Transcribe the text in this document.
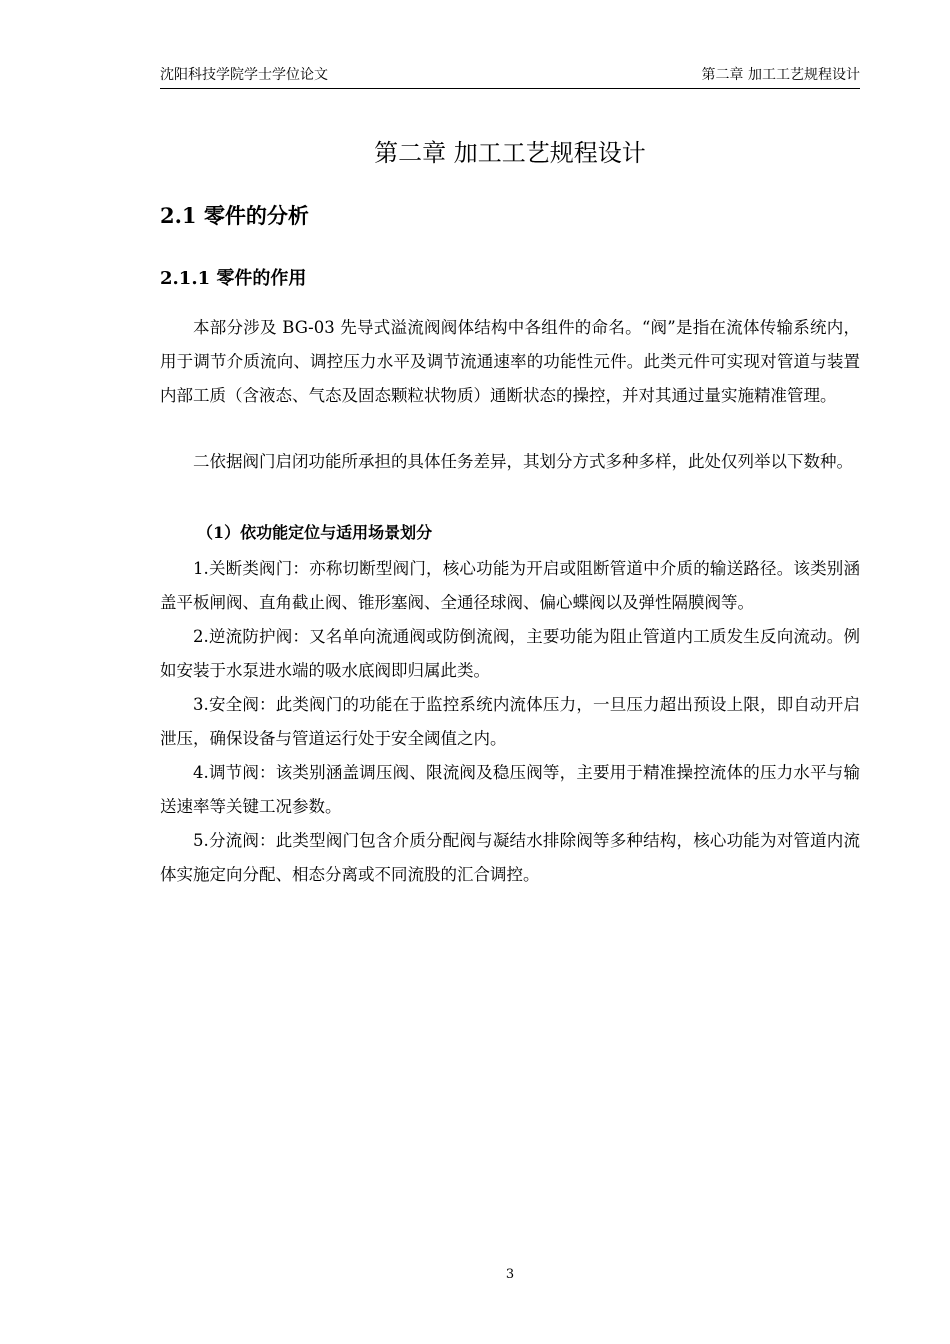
沈阳科技学院学士学位论文	第二章 加工工艺规程设计
第二章 加工工艺规程设计
2.1 零件的分析
2.1.1 零件的作用

本部分涉及 BG-03 先导式溢流阀阀体结构中各组件的命名。“阀”是指在流体传输系统内，用于调节介质流向、调控压力水平及调节流通速率的功能性元件。此类元件可实现对管道与装置内部工质（含液态、气态及固态颗粒状物质）通断状态的操控，并对其通过量实施精准管理。

二依据阀门启闭功能所承担的具体任务差异，其划分方式多种多样，此处仅列举以下数种。

（1）依功能定位与适用场景划分

1.关断类阀门：亦称切断型阀门，核心功能为开启或阻断管道中介质的输送路径。该类别涵盖平板闸阀、直角截止阀、锥形塞阀、全通径球阀、偏心蝶阀以及弹性隔膜阀等。

2.逆流防护阀：又名单向流通阀或防倒流阀，主要功能为阻止管道内工质发生反向流动。例如安装于水泵进水端的吸水底阀即归属此类。

3.安全阀：此类阀门的功能在于监控系统内流体压力，一旦压力超出预设上限，即自动开启泄压，确保设备与管道运行处于安全阈值之内。

4.调节阀：该类别涵盖调压阀、限流阀及稳压阀等，主要用于精准操控流体的压力水平与输送速率等关键工况参数。

5.分流阀：此类型阀门包含介质分配阀与凝结水排除阀等多种结构，核心功能为对管道内流体实施定向分配、相态分离或不同流股的汇合调控。

3
